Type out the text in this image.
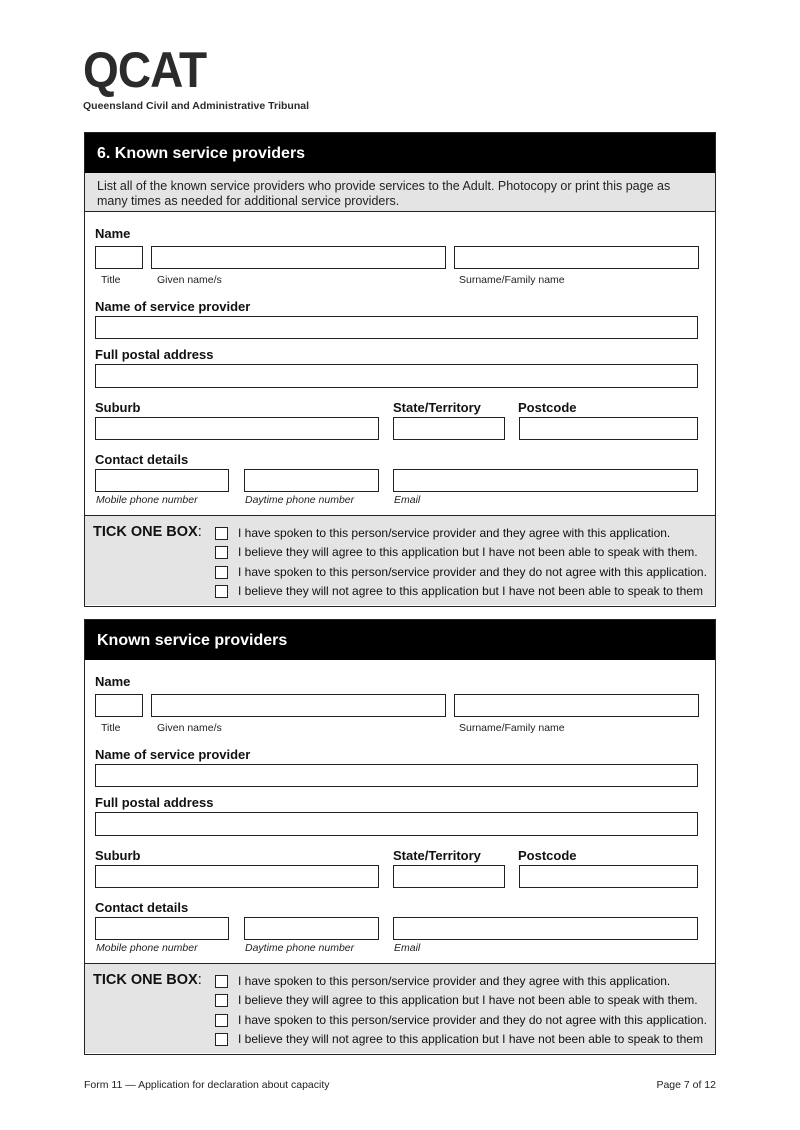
QCAT
Queensland Civil and Administrative Tribunal
6. Known service providers
List all of the known service providers who provide services to the Adult. Photocopy or print this page as many times as needed for additional service providers.
Name
Title	Given name/s	Surname/Family name
Name of service provider
Full postal address
Suburb	State/Territory	Postcode
Contact details
Mobile phone number	Daytime phone number	Email
TICK ONE BOX:	I have spoken to this person/service provider and they agree with this application.
I believe they will agree to this application but I have not been able to speak with them.
I have spoken to this person/service provider and they do not agree with this application.
I believe they will not agree to this application but I have not been able to speak to them
Known service providers
Name
Title	Given name/s	Surname/Family name
Name of service provider
Full postal address
Suburb	State/Territory	Postcode
Contact details
Mobile phone number	Daytime phone number	Email
TICK ONE BOX:	I have spoken to this person/service provider and they agree with this application.
I believe they will agree to this application but I have not been able to speak with them.
I have spoken to this person/service provider and they do not agree with this application.
I believe they will not agree to this application but I have not been able to speak to them
Form 11 — Application for declaration about capacity	Page 7 of 12
